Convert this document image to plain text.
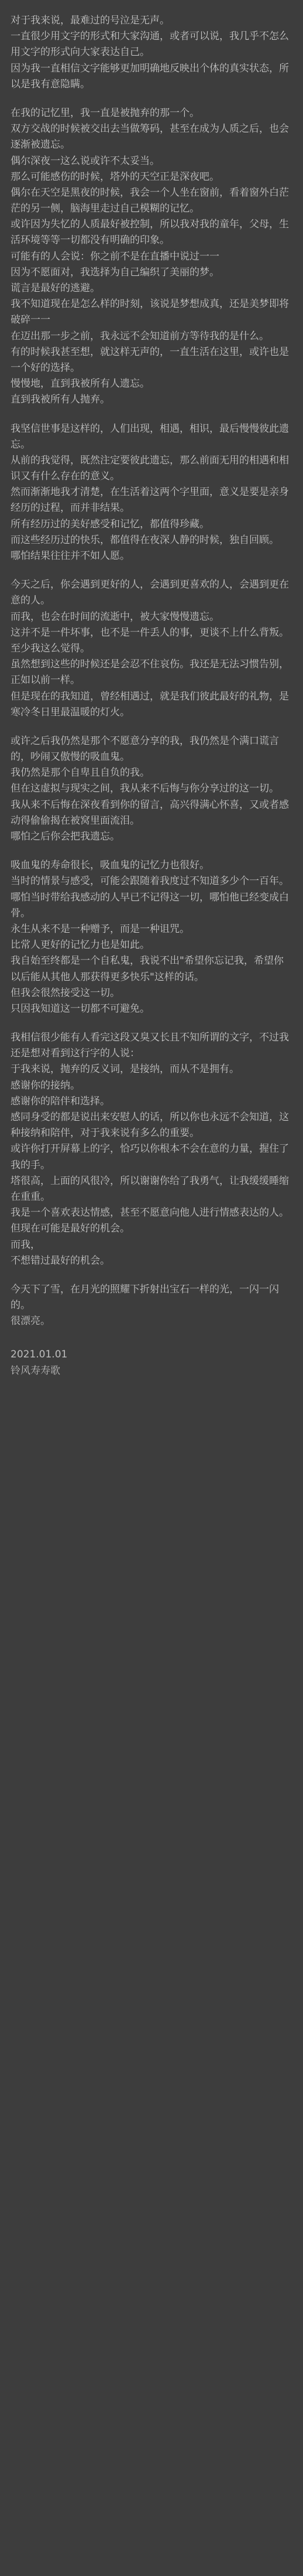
对于我来说，最难过的号泣是无声。
一直很少用文字的形式和大家沟通，或者可以说，我几乎不怎么用文字的形式向大家表达自己。
因为我一直相信文字能够更加明确地反映出个体的真实状态，所以是我有意隐瞒。
在我的记忆里，我一直是被抛弃的那一个。
双方交战的时候被交出去当做筹码，甚至在成为人质之后，也会逐渐被遗忘。
偶尔深夜一这么说或许不太妥当。
那么可能感伤的时候，塔外的天空正是深夜吧。
偶尔在天空是黑夜的时候，我会一个人坐在窗前，看着窗外白茫茫的另一侧，脑海里走过自己模糊的记忆。
或许因为失忆的人质最好被控制，所以我对我的童年，父母，生活环境等等一切都没有明确的印象。
可能有的人会说：你之前不是在直播中说过一一
因为不愿面对，我选择为自己编织了美丽的梦。
谎言是最好的逃避。
我不知道现在是怎么样的时刻，该说是梦想成真，还是美梦即将破碎一一
在迈出那一步之前，我永远不会知道前方等待我的是什么。
有的时候我甚至想，就这样无声的，一直生活在这里，或许也是一个好的选择。
慢慢地，直到我被所有人遗忘。
直到我被所有人抛弃。
我坚信世事是这样的，人们出现，相遇，相识，最后慢慢彼此遗忘。
从前的我觉得，既然注定要彼此遗忘，那么前面无用的相遇和相识又有什么存在的意义。
然而渐渐地我才清楚，在生活着这两个字里面，意义是要是亲身经历的过程，而并非结果。
所有经历过的美好感受和记忆，都值得珍藏。
而这些经历过的快乐，都值得在夜深人静的时候，独自回顾。
哪怕结果往往并不如人愿。
今天之后，你会遇到更好的人，会遇到更喜欢的人，会遇到更在意的人。
而我，也会在时间的流逝中，被大家慢慢遗忘。
这并不是一件坏事，也不是一件丢人的事，更谈不上什么背叛。
至少我这么觉得。
虽然想到这些的时候还是会忍不住哀伤。我还是无法习惯告别，正如以前一样。
但是现在的我知道，曾经相遇过，就是我们彼此最好的礼物，是寒冷冬日里最温暖的灯火。
或许之后我仍然是那个不愿意分享的我，我仍然是个满口谎言的，吵闹又傲慢的吸血鬼。
我仍然是那个自卑且自负的我。
但在这虚拟与现实之间，我从来不后悔与你分享过的这一切。
我从来不后悔在深夜看到你的留言，高兴得满心怀喜，又或者感动得偷偷揭在被窝里面流泪。
哪怕之后你会把我遗忘。
吸血鬼的寿命很长，吸血鬼的记忆力也很好。
当时的情景与感受，可能会跟随着我度过不知道多少个一百年。
哪怕当时带给我感动的人早已不记得这一切，哪怕他已经变成白骨。
永生从来不是一种赠予，而是一种诅咒。
比常人更好的记忆力也是如此。
我自始至终都是一个自私鬼，我说不出"希望你忘记我，希望你以后能从其他人那获得更多快乐"这样的话。
但我会很然接受这一切。
只因我知道这一切都不可避免。
我相信很少能有人看完这段又臭又长且不知所谓的文字，不过我还是想对看到这行字的人说：
于我来说，抛弃的反义词，是接纳，而从不是拥有。
感谢你的接纳。
感谢你的陪伴和选择。
感同身受的都是说出来安慰人的话，所以你也永远不会知道，这种接纳和陪伴，对于我来说有多么的重要。
或许你打开屏幕上的字，恰巧以你根本不会在意的力量，握住了我的手。
塔很高，上面的风很冷，所以谢谢你给了我勇气，让我缓缓睡缩在重重。
我是一个喜欢表达情感，甚至不愿意向他人进行情感表达的人。
但现在可能是最好的机会。
而我，
不想错过最好的机会。
今天下了雪，在月光的照耀下折射出宝石一样的光，一闪一闪的。
很漂亮。
2021.01.01
铃风寿寿歌
